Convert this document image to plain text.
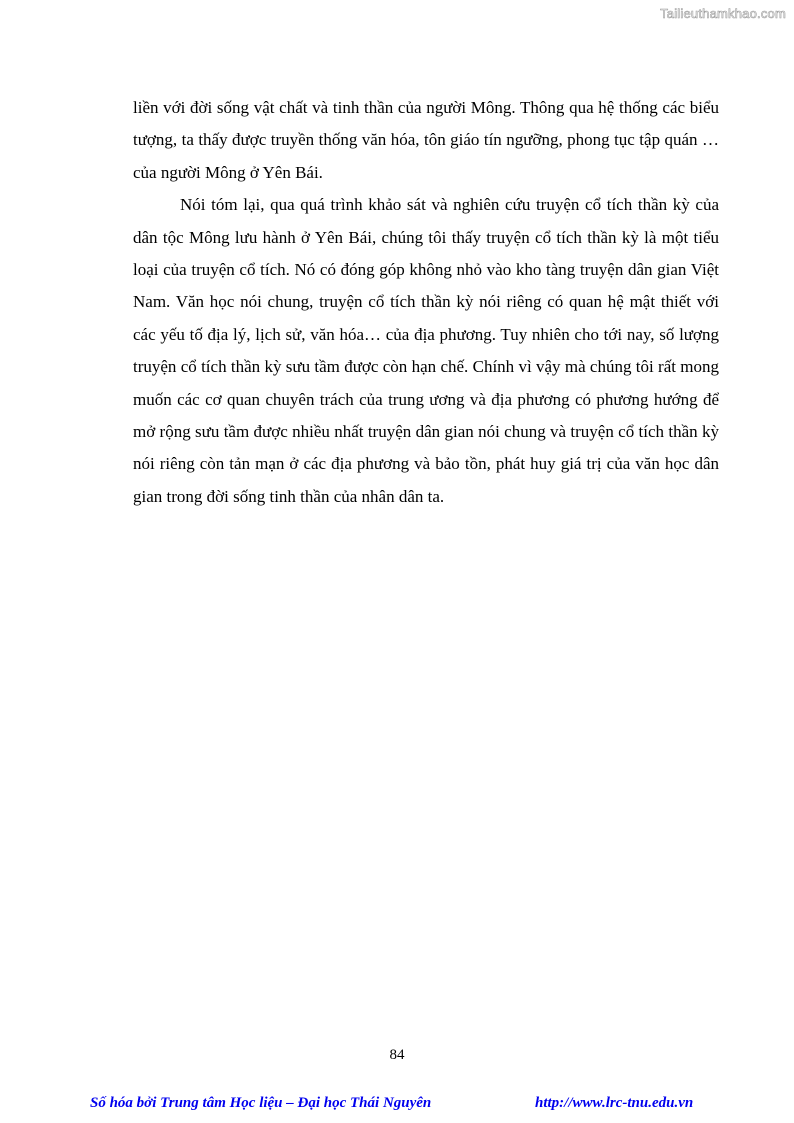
Tailieuthamkhao.com

liền với đời sống vật chất và tinh thần của người Mông. Thông qua hệ thống các biểu tượng, ta thấy được truyền thống văn hóa, tôn giáo tín ngưỡng, phong tục tập quán …của người Mông ở Yên Bái.

Nói tóm lại, qua quá trình khảo sát và nghiên cứu truyện cổ tích thần kỳ của dân tộc Mông lưu hành ở Yên Bái, chúng tôi thấy truyện cổ tích thần kỳ là một tiểu loại của truyện cổ tích. Nó có đóng góp không nhỏ vào kho tàng truyện dân gian Việt Nam. Văn học nói chung, truyện cổ tích thần kỳ nói riêng có quan hệ mật thiết với các yếu tố địa lý, lịch sử, văn hóa… của địa phương. Tuy nhiên cho tới nay, số lượng truyện cổ tích thần kỳ sưu tầm được còn hạn chế. Chính vì vậy mà chúng tôi rất mong muốn các cơ quan chuyên trách của trung ương và địa phương có phương hướng để mở rộng sưu tầm được nhiều nhất truyện dân gian nói chung và truyện cổ tích thần kỳ nói riêng còn tản mạn ở các địa phương và bảo tồn, phát huy giá trị của văn học dân gian trong đời sống tinh thần của nhân dân ta.

84
Số hóa bởi Trung tâm Học liệu – Đại học Thái Nguyên	http://www.lrc-tnu.edu.vn
